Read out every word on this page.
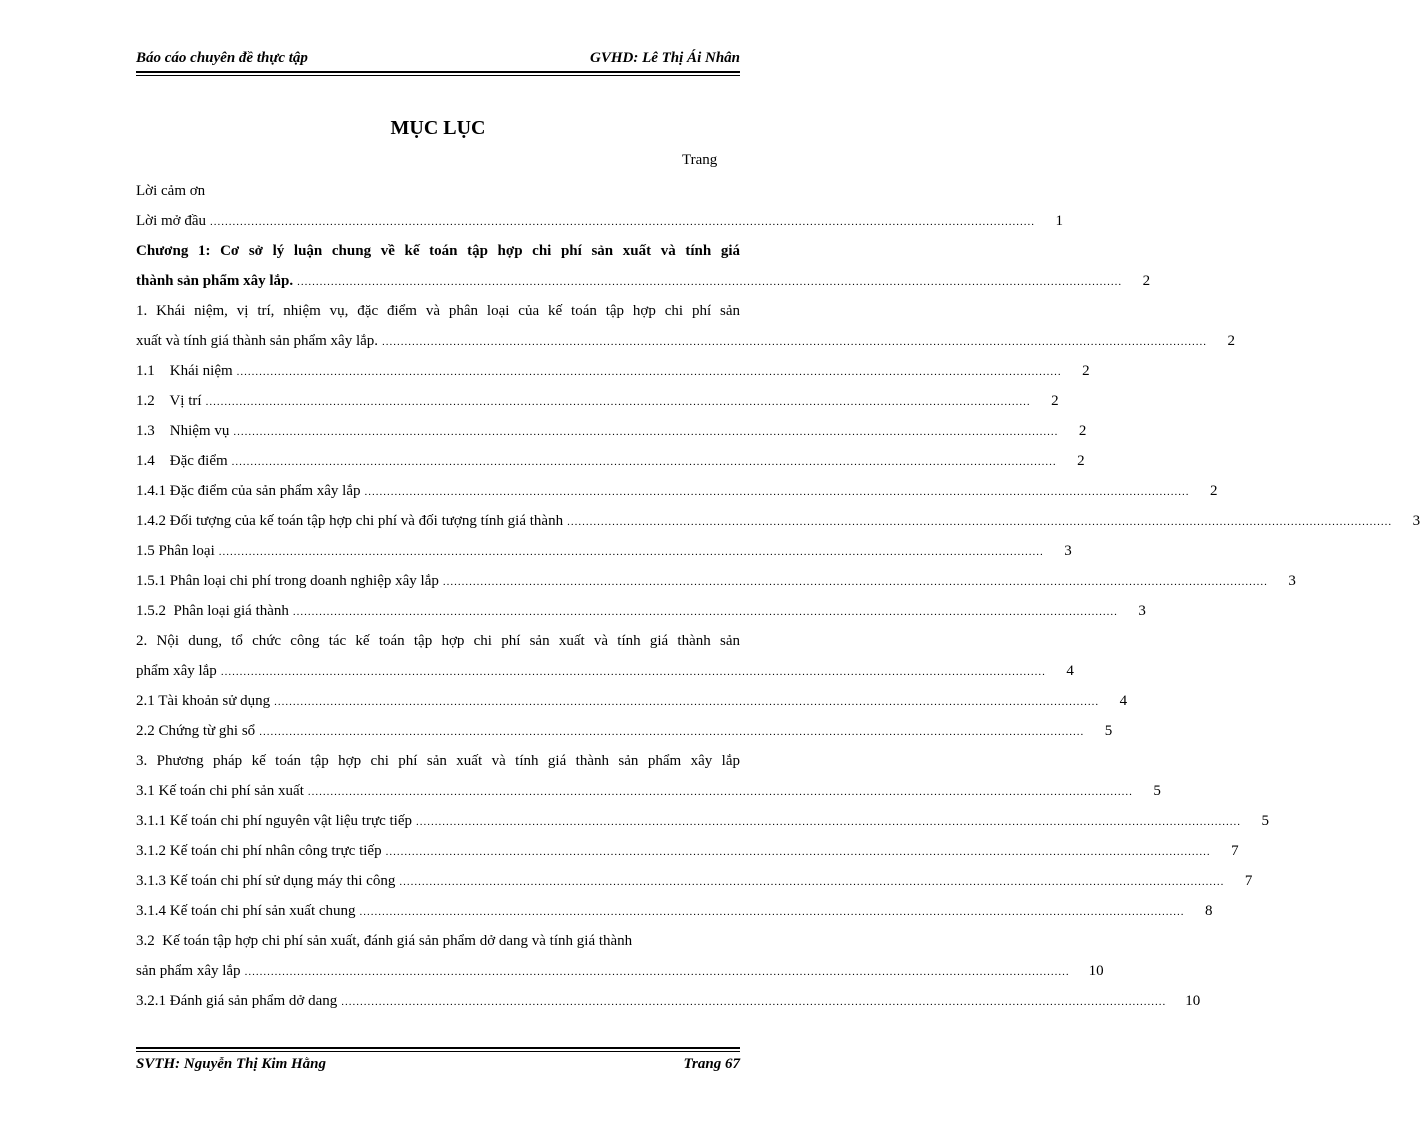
Báo cáo chuyên đề thực tập	GVHD: Lê Thị Ái Nhân
MỤC LỤC
Trang
Lời cảm ơn
Lời mở đầu ............................................................................................................................................................................................................................	1
Chương 1: Cơ sở lý luận chung về kế toán tập hợp chi phí sản xuất và tính giá
thành sản phẩm xây lắp. ............................................................................................................................................................................................................................	2
1. Khái niệm, vị trí, nhiệm vụ, đặc điểm và phân loại của kế toán tập hợp chi phí sản
xuất và tính giá thành sản phẩm xây lắp. ............................................................................................................................................................................................................................	2
1.1    Khái niệm ............................................................................................................................................................................................................................	2
1.2    Vị trí ............................................................................................................................................................................................................................	2
1.3    Nhiệm vụ ............................................................................................................................................................................................................................	2
1.4    Đặc điểm ............................................................................................................................................................................................................................	2
1.4.1 Đặc điểm của sản phẩm xây lắp ............................................................................................................................................................................................................................	2
1.4.2 Đối tượng của kế toán tập hợp chi phí và đối tượng tính giá thành ............................................................................................................................................................................................................................	3
1.5 Phân loại ............................................................................................................................................................................................................................	3
1.5.1 Phân loại chi phí trong doanh nghiệp xây lắp ............................................................................................................................................................................................................................	3
1.5.2  Phân loại giá thành ............................................................................................................................................................................................................................	3
2. Nội dung, tổ chức công tác kế toán tập hợp chi phí sản xuất và tính giá thành sản
phẩm xây lắp ............................................................................................................................................................................................................................	4
2.1 Tài khoản sử dụng ............................................................................................................................................................................................................................	4
2.2 Chứng từ ghi sổ ............................................................................................................................................................................................................................	5
3. Phương pháp kế toán tập hợp chi phí sản xuất và tính giá thành sản phẩm xây lắp
3.1 Kế toán chi phí sản xuất ............................................................................................................................................................................................................................	5
3.1.1 Kế toán chi phí nguyên vật liệu trực tiếp ............................................................................................................................................................................................................................	5
3.1.2 Kế toán chi phí nhân công trực tiếp ............................................................................................................................................................................................................................	7
3.1.3 Kế toán chi phí sử dụng máy thi công ............................................................................................................................................................................................................................	7
3.1.4 Kế toán chi phí sản xuất chung ............................................................................................................................................................................................................................	8
3.2  Kế toán tập hợp chi phí sản xuất, đánh giá sản phẩm dở dang và tính giá thành
sản phẩm xây lắp ............................................................................................................................................................................................................................	10
3.2.1 Đánh giá sản phẩm dở dang ............................................................................................................................................................................................................................	10
SVTH: Nguyễn Thị Kim Hằng	Trang 67
